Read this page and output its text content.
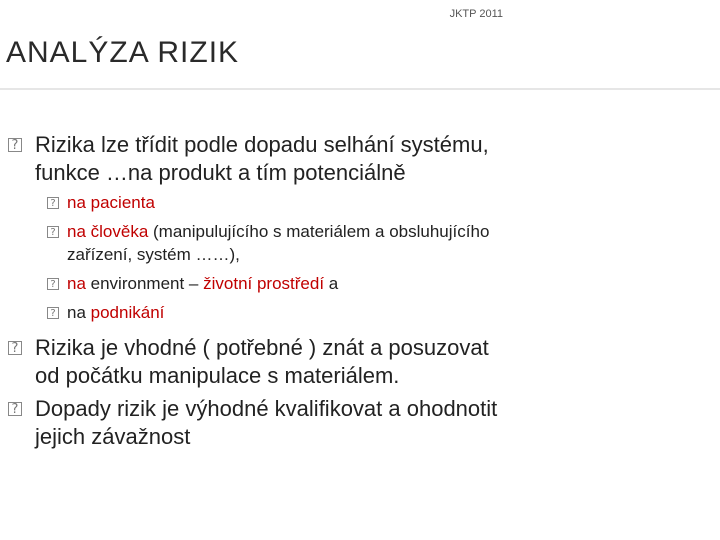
JKTP 2011
ANALÝZA RIZIK
? Rizika lze třídit podle dopadu selhání systému,
funkce …na produkt a tím potenciálně
? na pacienta
? na člověka (manipulujícího s materiálem a obsluhujícího
zařízení, systém ……),
? na environment – životní prostředí a
? na podnikání
? Rizika je vhodné ( potřebné ) znát a posuzovat
od počátku manipulace s materiálem.
? Dopady rizik je výhodné kvalifikovat a ohodnotit
jejich závažnost
